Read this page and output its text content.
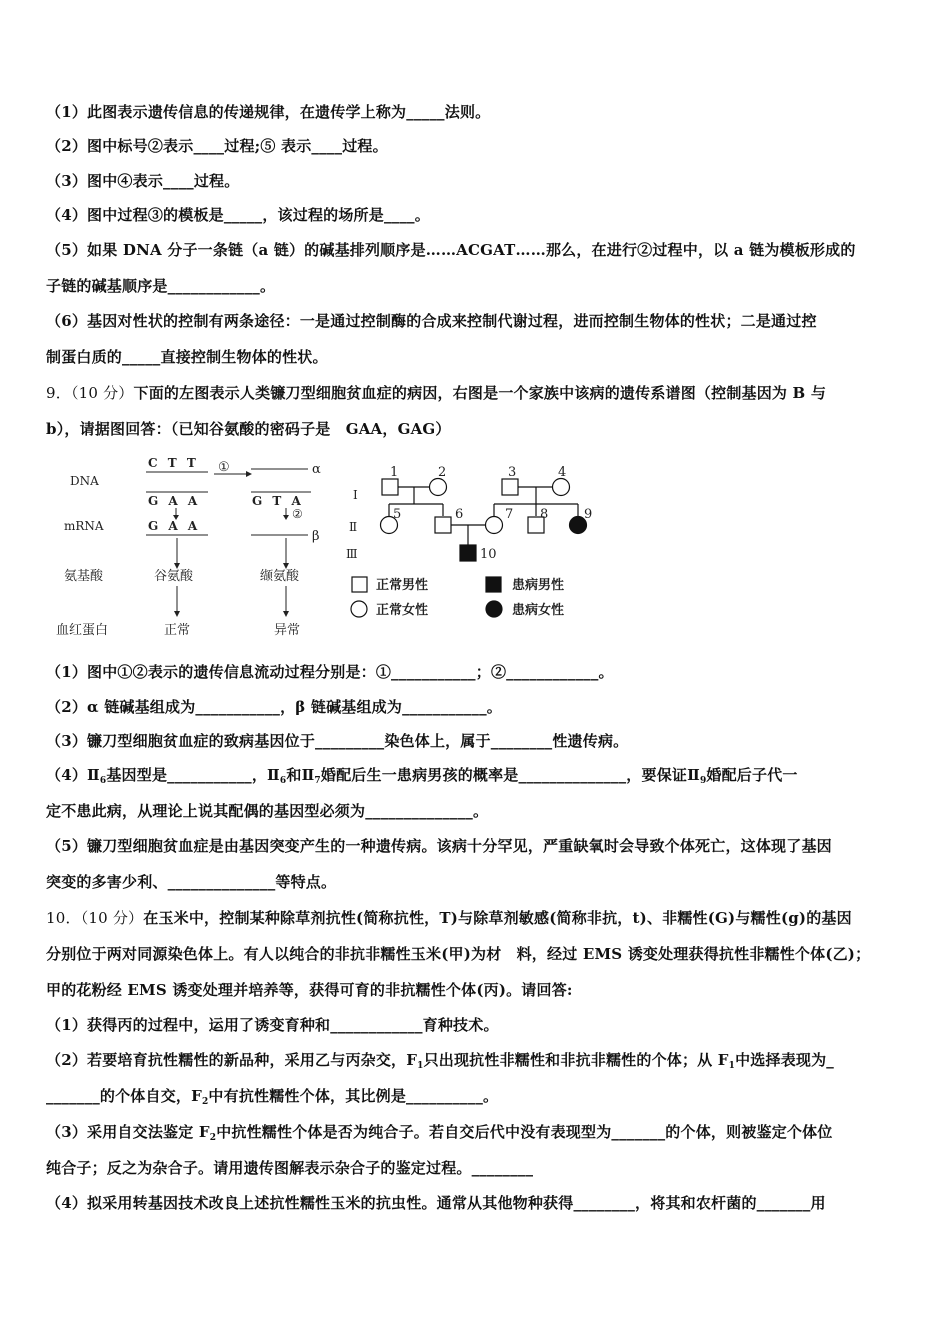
（1）此图表示遗传信息的传递规律，在遗传学上称为_____法则。
（2）图中标号②表示____过程;⑤ 表示____过程。
（3）图中④表示____过程。
（4）图中过程③的模板是_____，该过程的场所是____。
（5）如果 DNA 分子一条链（a 链）的碱基排列顺序是……ACGAT……那么，在进行②过程中，以 a 链为模板形成的
子链的碱基顺序是____________。
（6）基因对性状的控制有两条途径：一是通过控制酶的合成来控制代谢过程，进而控制生物体的性状；二是通过控
制蛋白质的_____直接控制生物体的性状。
9．（10 分）下面的左图表示人类镰刀型细胞贫血症的病因，右图是一个家族中该病的遗传系谱图（控制基因为 B 与
b），请据图回答：（已知谷氨酸的密码子是　GAA，GAG）
DNA
mRNA
氨基酸
血红蛋白
C T T
G A A
G A A
谷氨酸
正常
①	α
G T A
②
β
缬氨酸
异常
Ⅰ
Ⅱ
Ⅲ
1	2	3	4
5	6	7 8	9
10
正常男性	患病男性
正常女性	患病女性
（1）图中①②表示的遗传信息流动过程分别是：①___________；②____________。
（2）α 链碱基组成为___________，β 链碱基组成为___________。
（3）镰刀型细胞贫血症的致病基因位于_________染色体上，属于________性遗传病。
$(4)Ⅱ_6$基因型是___________，$Ⅱ_6$和$Ⅱ_7$婚配后生一患病男孩的概率是______________，要保证$Ⅱ_9$婚配后子代一
定不患此病，从理论上说其配偶的基因型必须为______________。
（5）镰刀型细胞贫血症是由基因突变产生的一种遗传病。该病十分罕见，严重缺氧时会导致个体死亡，这体现了基因
突变的多害少利、______________等特点。
10．（10 分）在玉米中，控制某种除草剂抗性(简称抗性，T)与除草剂敏感(简称非抗，t)、非糯性(G)与糯性(g)的基因
分别位于两对同源染色体上。有人以纯合的非抗非糯性玉米(甲)为材　料，经过 EMS 诱变处理获得抗性非糯性个体(乙)；
甲的花粉经 EMS 诱变处理并培养等，获得可育的非抗糯性个体(丙)。请回答:
（1）获得丙的过程中，运用了诱变育种和____________育种技术。
（2）若要培育抗性糯性的新品种，采用乙与丙杂交，$F_1$只出现抗性非糯性和非抗非糯性的个体；从 $F_1$中选择表现为_
_______的个体自交，$F_2$中有抗性糯性个体，其比例是__________。
（3）采用自交法鉴定 $F_2$中抗性糯性个体是否为纯合子。若自交后代中没有表现型为_______的个体，则被鉴定个体位
纯合子；反之为杂合子。请用遗传图解表示杂合子的鉴定过程。________
（4）拟采用转基因技术改良上述抗性糯性玉米的抗虫性。通常从其他物种获得________，将其和农杆菌的_______用
